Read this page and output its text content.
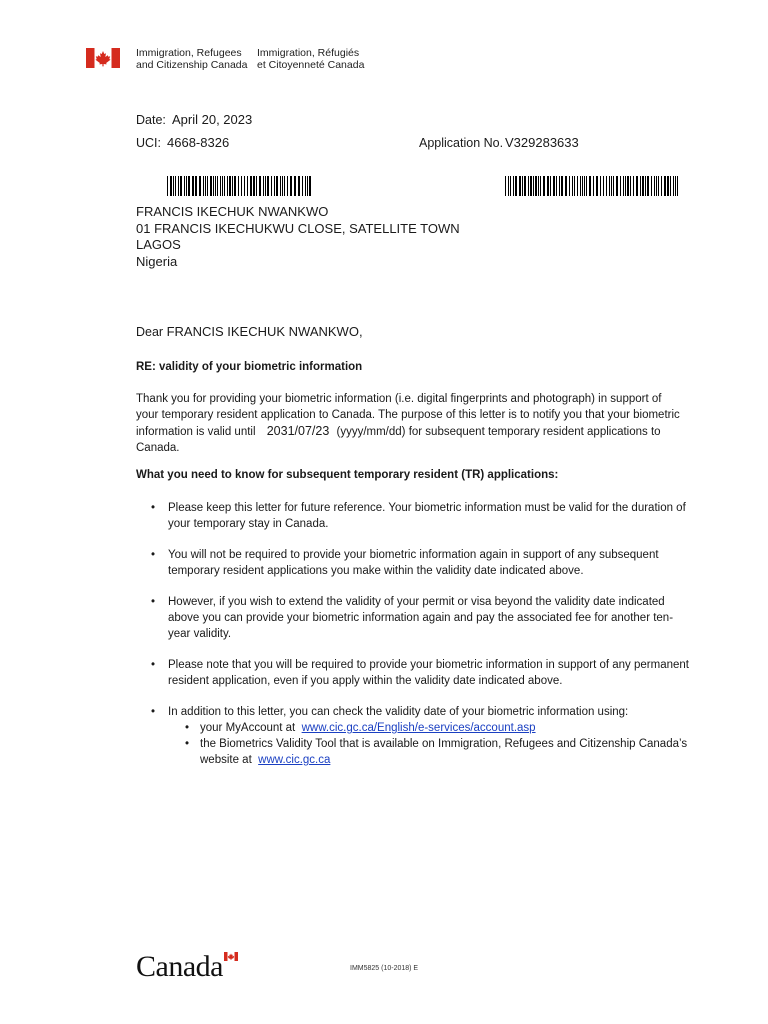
Immigration, Refugees
and Citizenship Canada
Immigration, Réfugiés
et Citoyenneté Canada
Date: April 20, 2023
UCI: 4668-8326	Application No. V329283633
FRANCIS IKECHUK NWANKWO
01 FRANCIS IKECHUKWU CLOSE, SATELLITE TOWN
LAGOS
Nigeria
Dear FRANCIS IKECHUK NWANKWO,
RE: validity of your biometric information
Thank you for providing your biometric information (i.e. digital fingerprints and photograph) in support of your temporary resident application to Canada. The purpose of this letter is to notify you that your biometric information is valid until 2031/07/23 (yyyy/mm/dd) for subsequent temporary resident applications to Canada.
What you need to know for subsequent temporary resident (TR) applications:
• Please keep this letter for future reference. Your biometric information must be valid for the duration of your temporary stay in Canada.
• You will not be required to provide your biometric information again in support of any subsequent temporary resident applications you make within the validity date indicated above.
• However, if you wish to extend the validity of your permit or visa beyond the validity date indicated above you can provide your biometric information again and pay the associated fee for another ten-year validity.
• Please note that you will be required to provide your biometric information in support of any permanent resident application, even if you apply within the validity date indicated above.
• In addition to this letter, you can check the validity date of your biometric information using:
• your MyAccount at www.cic.gc.ca/English/e-services/account.asp
• the Biometrics Validity Tool that is available on Immigration, Refugees and Citizenship Canada’s website at www.cic.gc.ca
Canada	IMM5825 (10-2018) E
